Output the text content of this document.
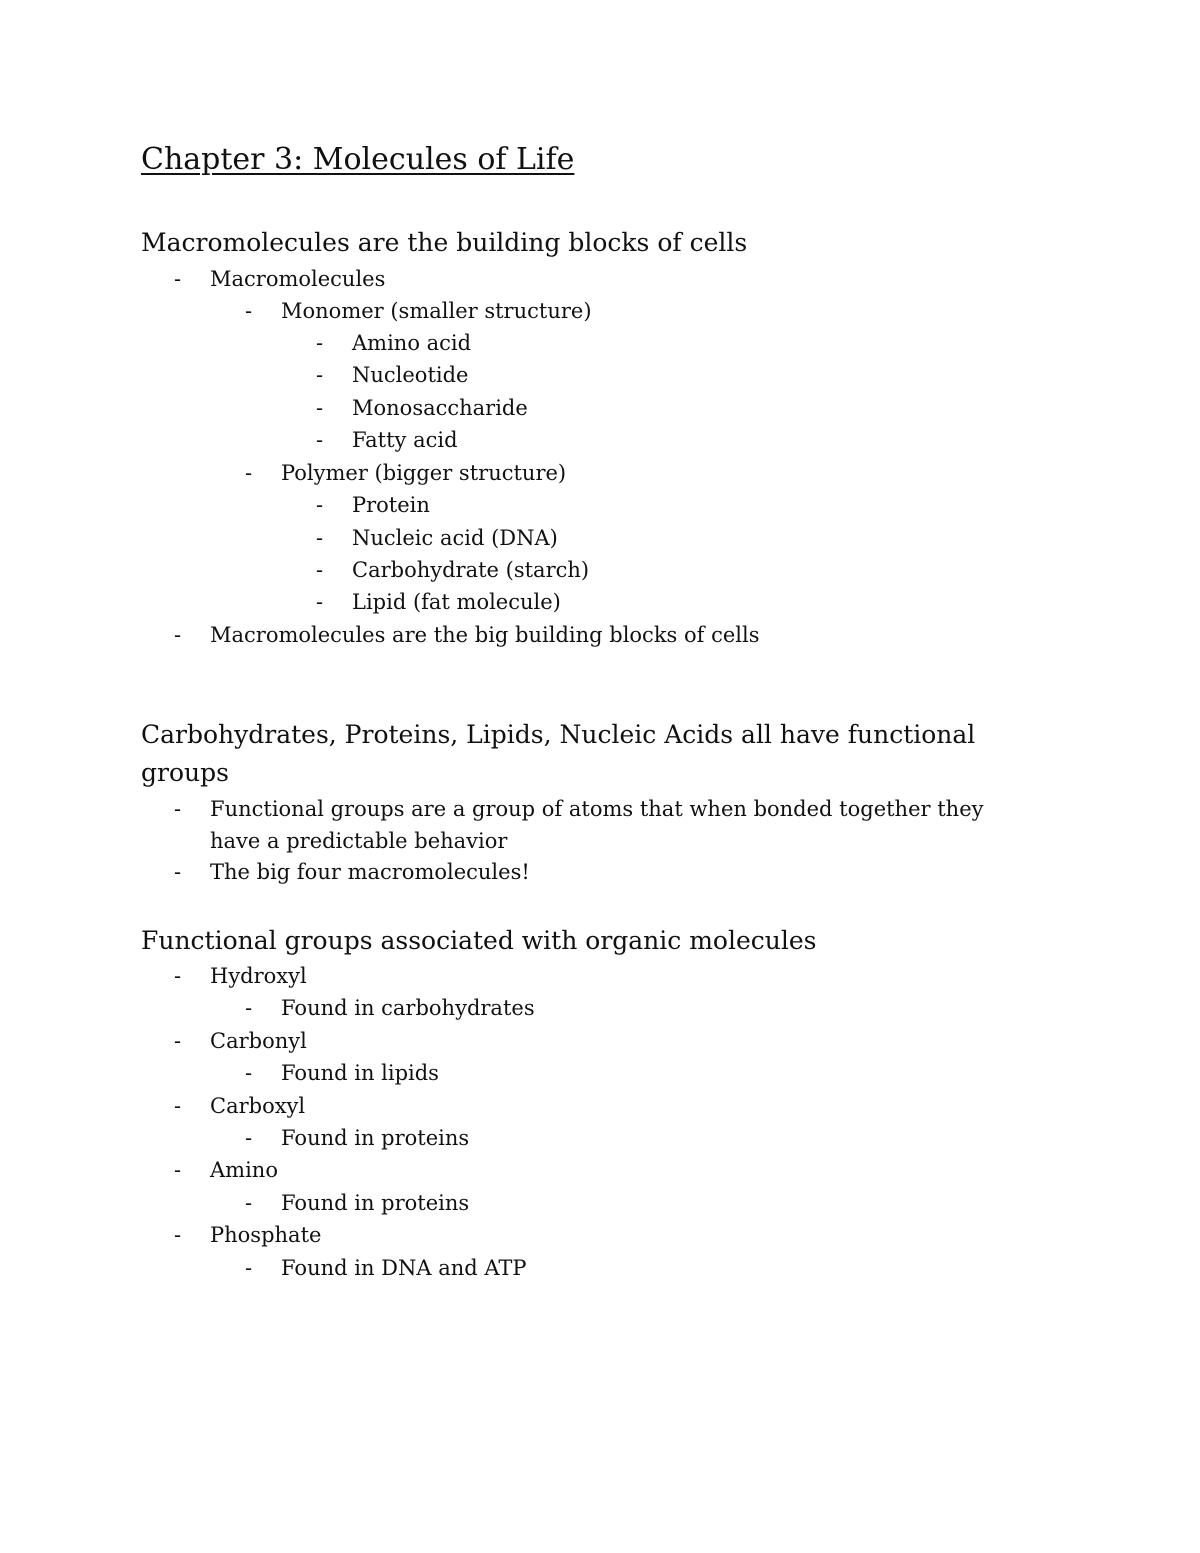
Chapter 3: Molecules of Life
Macromolecules are the building blocks of cells
- Macromolecules
- Monomer (smaller structure)
- Amino acid
- Nucleotide
- Monosaccharide
- Fatty acid
- Polymer (bigger structure)
- Protein
- Nucleic acid (DNA)
- Carbohydrate (starch)
- Lipid (fat molecule)
- Macromolecules are the big building blocks of cells
Carbohydrates, Proteins, Lipids, Nucleic Acids all have functional groups
- Functional groups are a group of atoms that when bonded together they have a predictable behavior
- The big four macromolecules!
Functional groups associated with organic molecules
- Hydroxyl
- Found in carbohydrates
- Carbonyl
- Found in lipids
- Carboxyl
- Found in proteins
- Amino
- Found in proteins
- Phosphate
- Found in DNA and ATP
